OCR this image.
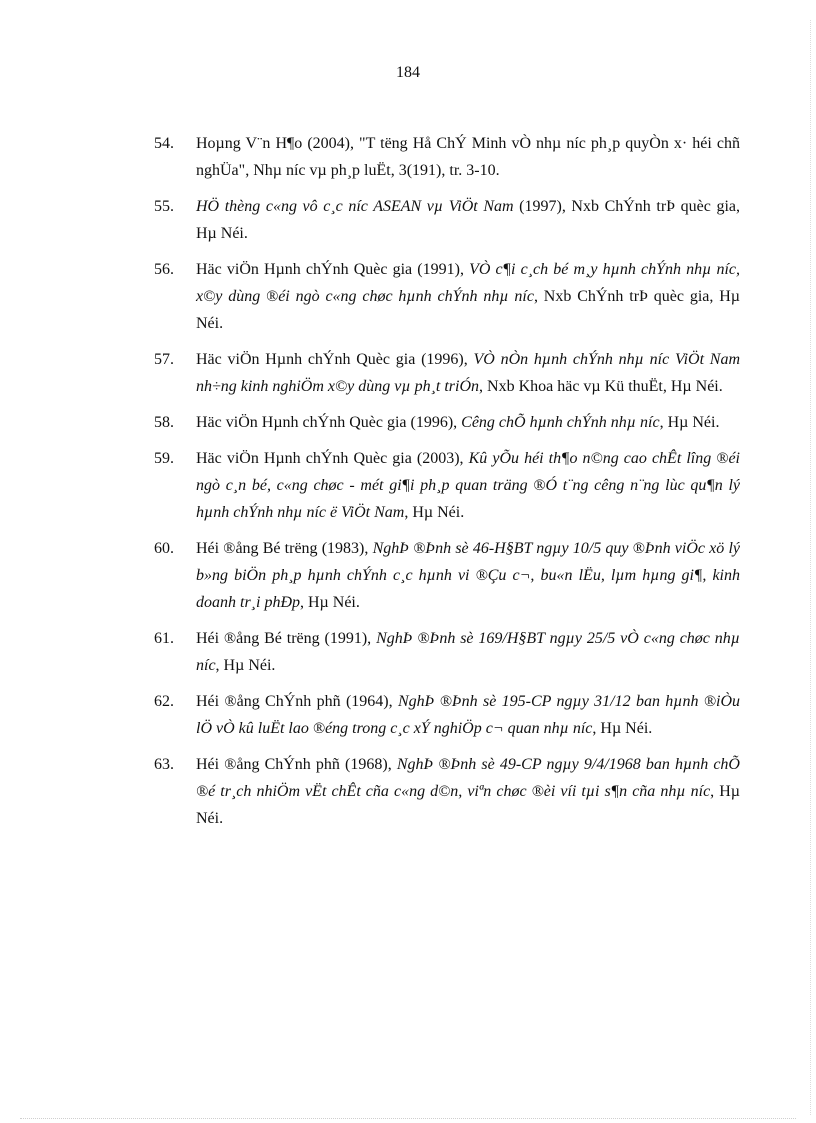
184
54.	Hoµng V¨n H¶o (2004), "T tëng Hå ChÝ Minh vÒ nhµ níc ph¸p quyÒn x· héi chñ nghÜa", Nhµ níc vµ ph¸p luËt, 3(191), tr. 3-10.
55.	HÖ thèng c«ng vô c¸c níc ASEAN vµ ViÖt Nam (1997), Nxb ChÝnh trÞ quèc gia, Hµ Néi.
56.	Häc viÖn Hµnh chÝnh Quèc gia (1991), VÒ c¶i c¸ch bé m¸y hµnh chÝnh nhµ níc, x©y dùng ®éi ngò c«ng chøc hµnh chÝnh nhµ níc, Nxb ChÝnh trÞ quèc gia, Hµ Néi.
57.	Häc viÖn Hµnh chÝnh Quèc gia (1996), VÒ nÒn hµnh chÝnh nhµ níc ViÖt Nam nh÷ng kinh nghiÖm x©y dùng vµ ph¸t triÓn, Nxb Khoa häc vµ Kü thuËt, Hµ Néi.
58.	Häc viÖn Hµnh chÝnh Quèc gia (1996), Cêng chÕ hµnh chÝnh nhµ níc, Hµ Néi.
59.	Häc viÖn Hµnh chÝnh Quèc gia (2003), Kû yÕu héi th¶o n©ng cao chÊt lîng ®éi ngò c¸n bé, c«ng chøc - mét gi¶i ph¸p quan träng ®Ó t¨ng cêng n¨ng lùc qu¶n lý hµnh chÝnh nhµ níc ë ViÖt Nam, Hµ Néi.
60.	Héi ®ång Bé trëng (1983), NghÞ ®Þnh sè 46-H§BT ngµy 10/5 quy ®Þnh viÖc xö lý b»ng biÖn ph¸p hµnh chÝnh c¸c hµnh vi ®Çu c¬, bu«n lËu, lµm hµng gi¶, kinh doanh tr¸i phÐp, Hµ Néi.
61.	Héi ®ång Bé trëng (1991), NghÞ ®Þnh sè 169/H§BT ngµy 25/5 vÒ c«ng chøc nhµ níc, Hµ Néi.
62.	Héi ®ång ChÝnh phñ (1964), NghÞ ®Þnh sè 195-CP ngµy 31/12 ban hµnh ®iÒu lÖ vÒ kû luËt lao ®éng trong c¸c xÝ nghiÖp c¬ quan nhµ níc, Hµ Néi.
63.	Héi ®ång ChÝnh phñ (1968), NghÞ ®Þnh sè 49-CP ngµy 9/4/1968 ban hµnh chÕ ®é tr¸ch nhiÖm vËt chÊt cña c«ng d©n, viªn chøc ®èi víi tµi s¶n cña nhµ níc, Hµ Néi.
